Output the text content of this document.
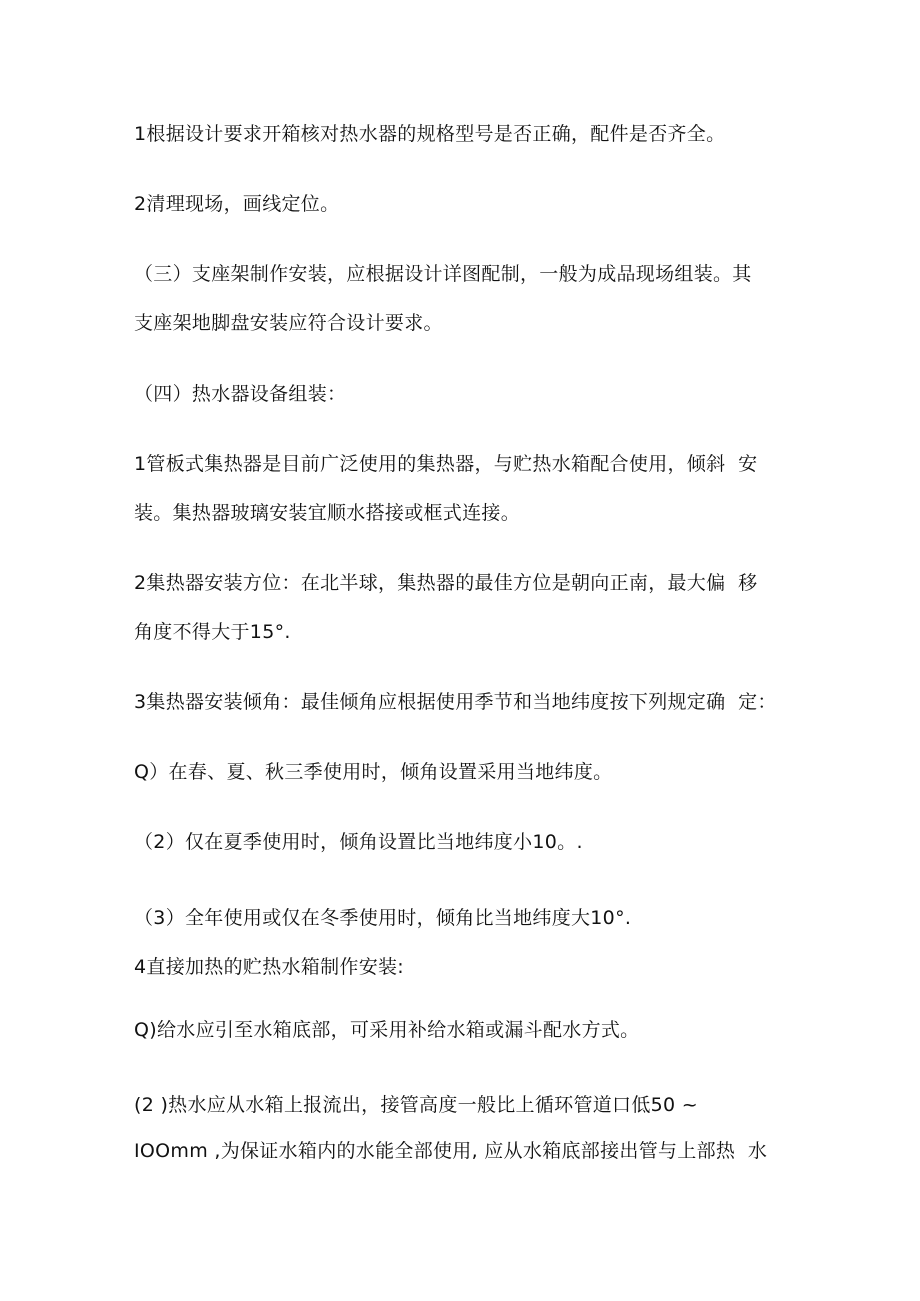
1根据设计要求开箱核对热水器的规格型号是否正确，配件是否齐全。
2清理现场，画线定位。
（三）支座架制作安装，应根据设计详图配制，一般为成品现场组装。其
支座架地脚盘安装应符合设计要求。
（四）热水器设备组装：
1管板式集热器是目前广泛使用的集热器，与贮热水箱配合使用，倾斜  安
装。集热器玻璃安装宜顺水搭接或框式连接。
2集热器安装方位：在北半球，集热器的最佳方位是朝向正南，最大偏  移
角度不得大于15°.
3集热器安装倾角：最佳倾角应根据使用季节和当地纬度按下列规定确  定：
Q）在春、夏、秋三季使用时，倾角设置采用当地纬度。
（2）仅在夏季使用时，倾角设置比当地纬度小10。.
（3）全年使用或仅在冬季使用时，倾角比当地纬度大10°.
4直接加热的贮热水箱制作安装:
Q)给水应引至水箱底部，可采用补给水箱或漏斗配水方式。
(2 )热水应从水箱上报流出，接管高度一般比上循环管道口低50 ~
IOOmm ,为保证水箱内的水能全部使用, 应从水箱底部接出管与上部热  水
